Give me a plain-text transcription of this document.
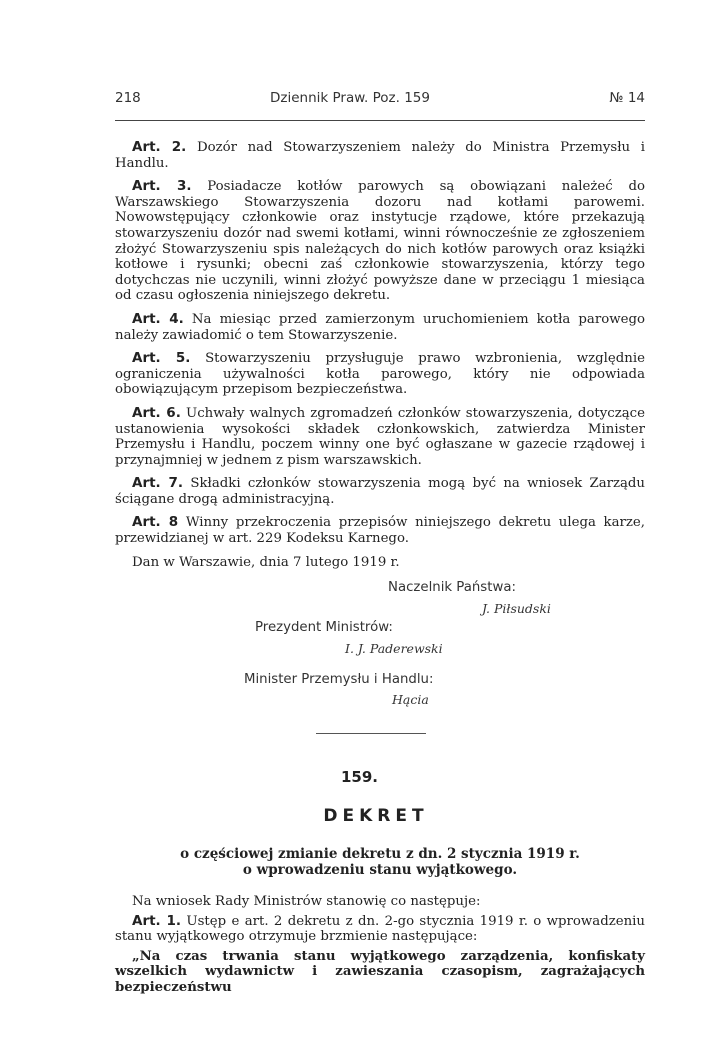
218	Dziennik Praw. Poz. 159	№ 14

Art. 2. Dozór nad Stowarzyszeniem należy do Ministra Przemysłu i Handlu.

Art. 3. Posiadacze kotłów parowych są obowiązani należeć do Warszawskiego Stowarzyszenia dozoru nad kotłami parowemi. Nowowstępujący członkowie oraz instytucje rządowe, które przekazują stowarzyszeniu dozór nad swemi kotłami, winni równocześnie ze zgłoszeniem złożyć Stowarzyszeniu spis należących do nich kotłów parowych oraz książki kotłowe i rysunki; obecni zaś członkowie stowarzyszenia, którzy tego dotychczas nie uczynili, winni złożyć powyższe dane w przeciągu 1 miesiąca od czasu ogłoszenia niniejszego dekretu.

Art. 4. Na miesiąc przed zamierzonym uruchomieniem kotła parowego należy zawiadomić o tem Stowarzyszenie.

Art. 5. Stowarzyszeniu przysługuje prawo wzbronienia, względnie ograniczenia używalności kotła parowego, który nie odpowiada obowiązującym przepisom bezpieczeństwa.

Art. 6. Uchwały walnych zgromadzeń członków stowarzyszenia, dotyczące ustanowienia wysokości składek członkowskich, zatwierdza Minister Przemysłu i Handlu, poczem winny one być ogłaszane w gazecie rządowej i przynajmniej w jednem z pism warszawskich.

Art. 7. Składki członków stowarzyszenia mogą być na wniosek Zarządu ściągane drogą administracyjną.

Art. 8 Winny przekroczenia przepisów niniejszego dekretu ulega karze, przewidzianej w art. 229 Kodeksu Karnego.

Dan w Warszawie, dnia 7 lutego 1919 r.
Naczelnik Państwa:
J. Piłsudski
Prezydent Ministrów:
I. J. Paderewski
Minister Przemysłu i Handlu:
Hącia
159.
DEKRET
o częściowej zmianie dekretu z dn. 2 stycznia 1919 r.
o wprowadzeniu stanu wyjątkowego.

Na wniosek Rady Ministrów stanowię co następuje:

Art. 1. Ustęp e art. 2 dekretu z dn. 2-go stycznia 1919 r. o wprowadzeniu stanu wyjątkowego otrzymuje brzmienie następujące:

„Na czas trwania stanu wyjątkowego zarządzenia, konfiskaty wszelkich wydawnictw i zawieszania czasopism, zagrażających bezpieczeństwu
